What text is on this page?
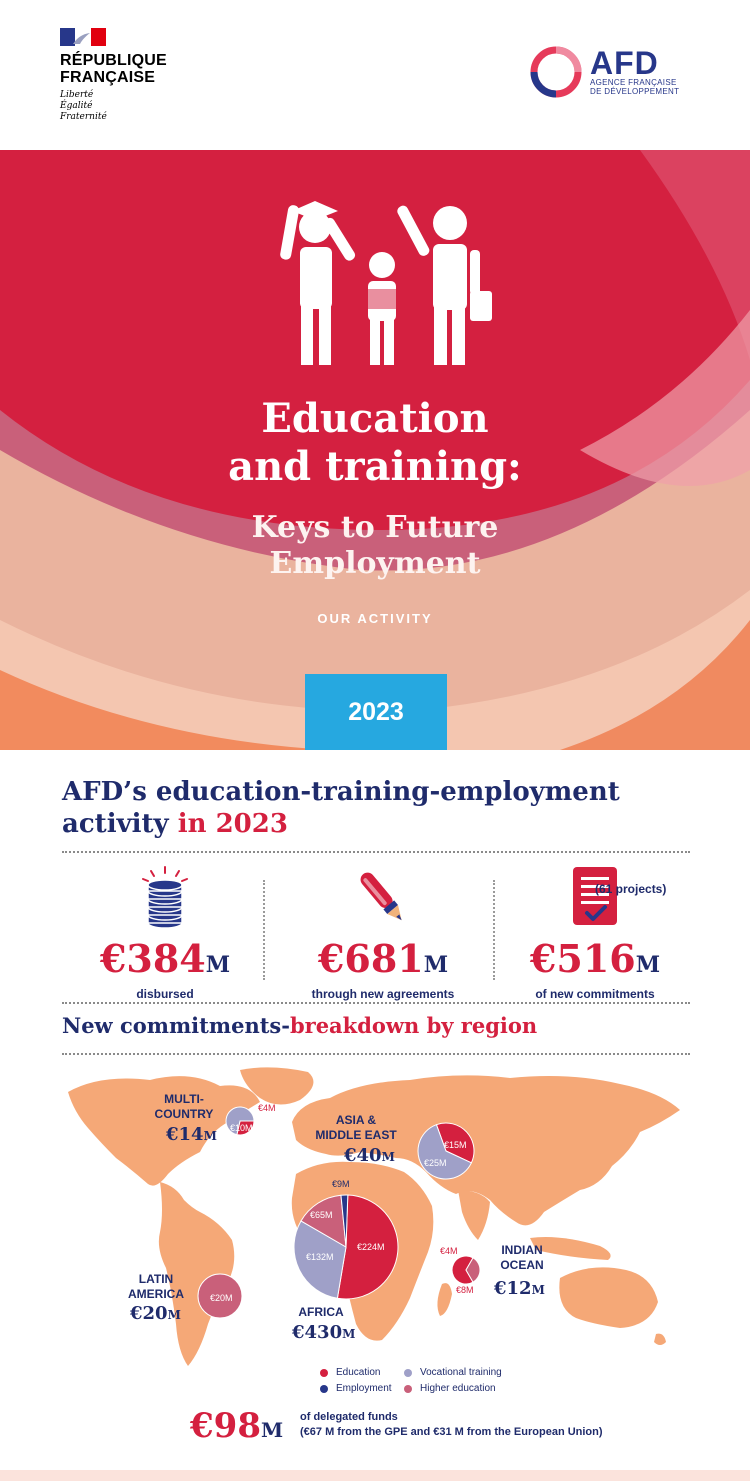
RÉPUBLIQUE
FRANÇAISE
Liberté
Égalité
Fraternité
AFD
AGENCE FRANÇAISE
DE DÉVELOPPEMENT
Education
and training:
Keys to Future
Employment
OUR ACTIVITY
2023
AFD’s education-training-employment activity in 2023
€384M
disbursed
€681M
through new agreements
€516M
of new commitments
(61 projects)
New commitments-breakdown by region
MULTI-
COUNTRY
€14M
ASIA &
MIDDLE EAST
€40M
INDIAN
OCEAN
€12M
LATIN
AMERICA
€20M	AFRICA
€430M
€4M
€10M
€15M
€25M
€9M
€65M
€132M
€224M	€4M
€8M
€20M
Education	Vocational training
Employment	Higher education
€98M
of delegated funds
(€67 M from the GPE and €31 M from the European Union)
